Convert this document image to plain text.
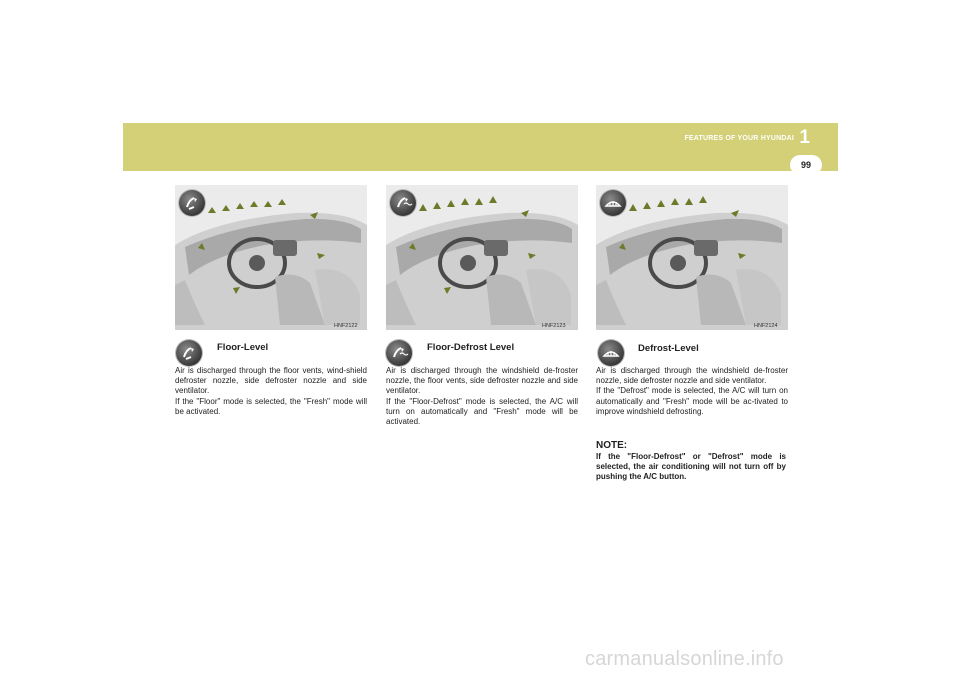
FEATURES OF YOUR HYUNDAI 1
99
HNF2122	HNF2123	HNF2124
Floor-Level	Floor-Defrost Level	Defrost-Level

Air is discharged through the floor vents, wind-shield defroster nozzle, side defroster nozzle and side ventilator.

If the "Floor" mode is selected, the "Fresh" mode will be activated.

Air is discharged through the windshield de-froster nozzle, the floor vents, side defroster nozzle and side ventilator.

If the "Floor-Defrost" mode is selected, the A/C will turn on automatically and "Fresh" mode will be activated.

Air is discharged through the windshield de-froster nozzle, side defroster nozzle and side ventilator.

If the "Defrost" mode is selected, the A/C will turn on automatically and "Fresh" mode will be ac-tivated to improve windshield defrosting.

NOTE:
If the "Floor-Defrost" or "Defrost" mode is selected, the air conditioning will not turn off by pushing the A/C button.
carmanualsonline.info
